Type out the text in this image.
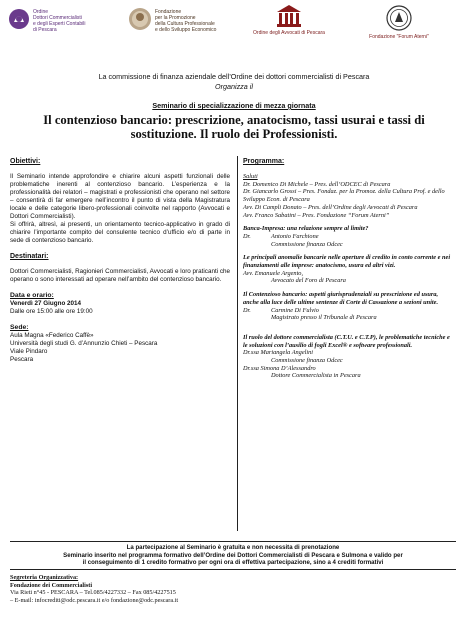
Ordine
Dottori Commercialisti
e degli Esperti Contabili
di Pescara
Fondazione
per la Promozione
della Cultura Professionale
e dello Sviluppo Economico	Ordine degli Avvocati di Pescara
Fondazione "Forum Aterni"
La commissione di finanza aziendale dell’Ordine dei dottori commercialisti di Pescara
Organizza il
Seminario di specializzazione di mezza giornata
Il contenzioso bancario: prescrizione, anatocismo, tassi usurai e tassi di sostituzione. Il ruolo dei Professionisti.
Obiettivi:

Il Seminario intende approfondire e chiarire alcuni aspetti funzionali delle problematiche inerenti al contenzioso bancario. L’esperienza e la professionalità dei relatori – magistrati e professionisti che operano nel settore – consentirà di far emergere nell’incontro il punto di vista della Magistratura locale e delle categorie libero-professionali coinvolte nel rapporto (Avvocati e Dottori Commercialisti).

Si offrirà, altresì, ai presenti, un orientamento tecnico-applicativo in grado di chiarire l’importante compito del consulente tecnico d’ufficio e/o di parte in sede di contenzioso bancario.

Destinatari:

Dottori Commercialisti, Ragionieri Commercialisti, Avvocati e loro praticanti che operano o sono interessati ad operare nell’ambito del contenzioso bancario.

Data e orario:
Venerdì 27 Giugno 2014
Dalle ore 15:00 alle ore 19:00
Sede:
Aula Magna «Federico Caffè»
Università degli studi G. d’Annunzio Chieti – Pescara
Viale Pindaro
Pescara
Programma:
Saluti
Dr. Domenico Di Michele – Pres. dell’ODCEC di Pescara
Dr. Giancarlo Grossi – Pres. Fondaz. per la Promoz. della Cultura Prof. e dello Sviluppo Econ. di Pescara
Avv. Di Campli Donato – Pres. dell’Ordine degli Avvocati di Pescara
Avv. Franco Sabatini – Pres. Fondazione “Forum Aterni”
Banca-Impresa: una relazione sempre al limite?
Dr.	Antonio Farchione
Commissione finanza Odcec
Le principali anomalie bancarie nelle aperture di credito in conto corrente e nei finanziamenti alle imprese: anatocismo, usura ed altri vizi.
Avv. Emanuele Argento,
Avvocato del Foro di Pescara
Il Contenzioso bancario: aspetti giurisprudenziali su prescrizione ed usura, anche alla luce delle ultime sentenze di Corte di Cassazione a sezioni unite.
Dr.	Carmine Di Fulvio
Magistrato presso il Tribunale di Pescara
Il ruolo del dottore commercialista (C.T.U. e C.T.P), le problematiche tecniche e le soluzioni con l’ausilio di fogli Excel® e software professionali.
Dr.ssa Mariangela Angelini
Commissione finanza Odcec
Dr.ssa Simona D’Alessandro
Dottore Commercialista in Pescara
La partecipazione al Seminario è gratuita e non necessita di prenotazione
Seminario inserito nel programma formativo dell’Ordine dei Dottori Commercialisti di Pescara e Sulmona e valido per
il conseguimento di 1 credito formativo per ogni ora di effettiva partecipazione, sino a 4 crediti formativi
Segreteria Organizzativa:
Fondazione dei Commercialisti
Via Rieti n°45 - PESCARA – Tel.085/4227332 – Fax 085/4227515
– E-mail: infocrediti@odc.pescara.it e/o fondazione@odc.pescara.it
